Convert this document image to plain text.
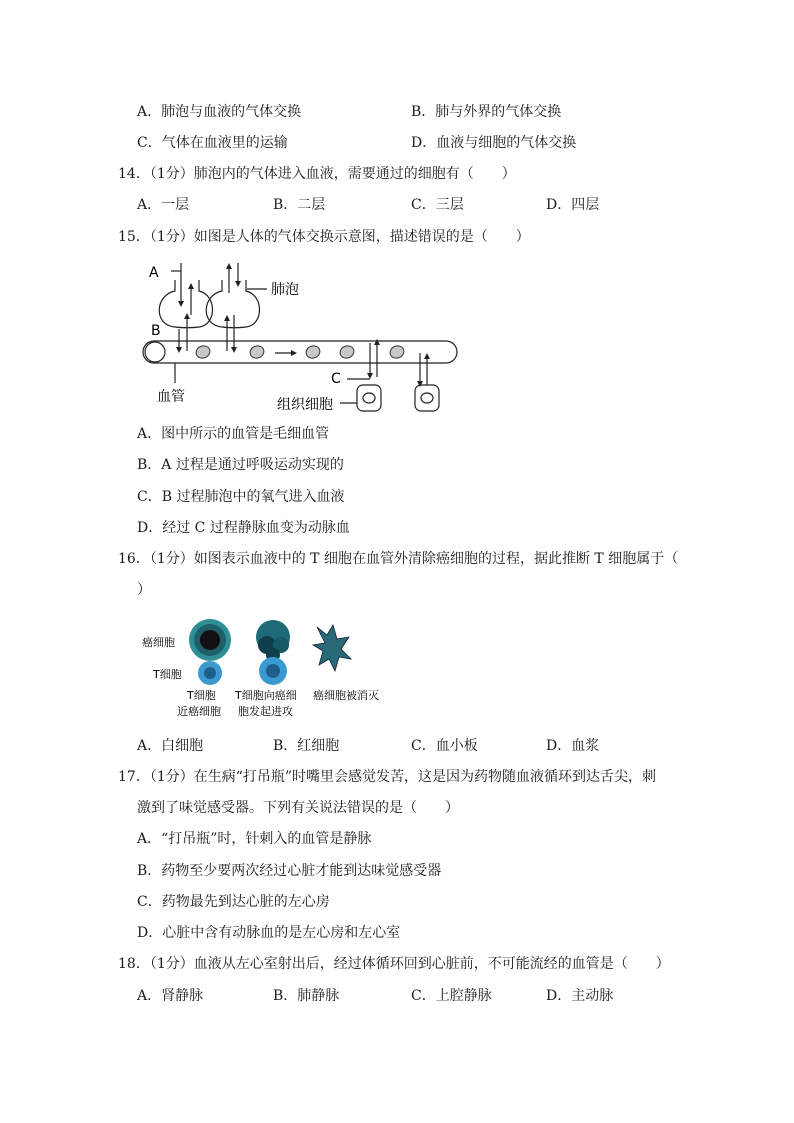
A．肺泡与血液的气体交换	B．肺与外界的气体交换
C．气体在血液里的运输	D．血液与细胞的气体交换
14．（1分）肺泡内的气体进入血液，需要通过的细胞有（　　）
A．一层	B．二层	C．三层	D．四层
15．（1分）如图是人体的气体交换示意图，描述错误的是（　　）
A
B
C
肺泡
血管	组织细胞
A．图中所示的血管是毛细血管
B．A 过程是通过呼吸运动实现的
C．B 过程肺泡中的氧气进入血液
D．经过 C 过程静脉血变为动脉血
16．（1分）如图表示血液中的 T 细胞在血管外清除癌细胞的过程，据此推断 T 细胞属于（
）
癌细胞
T细胞
T细胞
近癌细胞
T细胞向癌细
胞发起进攻
癌细胞被消灭
A．白细胞	B．红细胞	C．血小板	D．血浆
17．（1分）在生病“打吊瓶”时嘴里会感觉发苦，这是因为药物随血液循环到达舌尖，刺
激到了味觉感受器。下列有关说法错误的是（　　）
A．“打吊瓶”时，针刺入的血管是静脉
B．药物至少要两次经过心脏才能到达味觉感受器
C．药物最先到达心脏的左心房
D．心脏中含有动脉血的是左心房和左心室
18．（1分）血液从左心室射出后，经过体循环回到心脏前，不可能流经的血管是（　　）
A．肾静脉	B．肺静脉	C．上腔静脉	D．主动脉
